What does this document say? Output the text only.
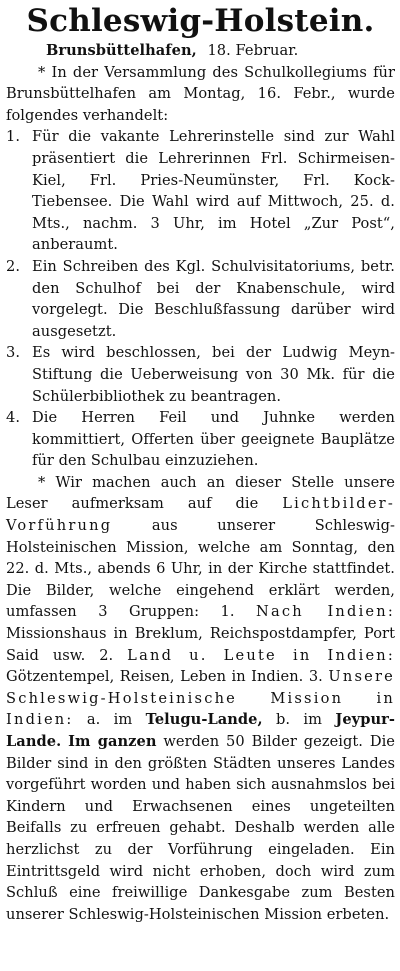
Schleswig-Holstein.

Brunsbüttelhafen, 18. Februar.

* In der Versammlung des Schulkollegiums für Brunsbüttelhafen am Montag, 16. Febr., wurde folgendes verhandelt:

1. Für die vakante Lehrerinstelle sind zur Wahl präsentiert die Lehrerinnen Frl. Schirmeisen-Kiel, Frl. Pries-Neumünster, Frl. Kock-Tiebensee. Die Wahl wird auf Mittwoch, 25. d. Mts., nachm. 3 Uhr, im Hotel „Zur Post“, anberaumt.
2. Ein Schreiben des Kgl. Schulvisitatoriums, betr. den Schulhof bei der Knabenschule, wird vorgelegt. Die Beschlußfassung darüber wird ausgesetzt.
3. Es wird beschlossen, bei der Ludwig Meyn-Stiftung die Ueberweisung von 30 Mk. für die Schülerbibliothek zu beantragen.
4. Die Herren Feil und Juhnke werden kommittiert, Offerten über geeignete Bauplätze für den Schulbau einzuziehen.

* Wir machen auch an dieser Stelle unsere Leser aufmerksam auf die Lichtbilder-Vorführung	aus unserer Schleswig-Holsteinischen Mission, welche am Sonntag, den 22. d. Mts., abends 6 Uhr, in der Kirche stattfindet. Die Bilder, welche eingehend erklärt werden, umfassen 3 Gruppen: 1. Nach Indien: Missionshaus in Breklum, Reichspostdampfer, Port Said usw. 2. Land u. Leute in Indien: Götzentempel, Reisen, Leben in Indien. 3. Unsere Schleswig-Holsteinische Mission in Indien: a. im Telugu-Lande, b. im Jeypur-Lande. Im ganzen werden 50 Bilder gezeigt. Die Bilder sind in den größten Städten unseres Landes vorgeführt worden und haben sich ausnahmslos bei Kindern und Erwachsenen eines ungeteilten Beifalls zu erfreuen gehabt. Deshalb werden alle herzlichst zu der Vorführung eingeladen. Ein Eintrittsgeld wird nicht erhoben, doch wird zum Schluß eine freiwillige Dankesgabe zum Besten unserer Schleswig-Holsteinischen Mission erbeten.
